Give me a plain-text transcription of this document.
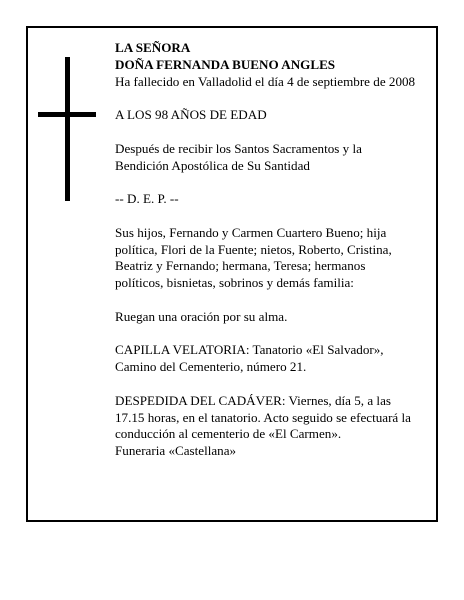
LA SEÑORA

DOÑA FERNANDA BUENO ANGLES

Ha fallecido en Valladolid el día 4 de septiembre de 2008

A LOS 98 AÑOS DE EDAD

Después de recibir los Santos Sacramentos y la Bendición Apostólica de Su Santidad

-- D. E. P. --

Sus hijos, Fernando y Carmen Cuartero Bueno; hija política, Flori de la Fuente; nietos, Roberto, Cristina, Beatriz y Fernando; hermana, Teresa; hermanos políticos, bisnietas, sobrinos y demás familia:

Ruegan una oración por su alma.

CAPILLA VELATORIA: Tanatorio «El Salvador», Camino del Cementerio, número 21.

DESPEDIDA DEL CADÁVER: Viernes, día 5, a las 17.15 horas, en el tanatorio. Acto seguido se efectuará la conducción al cementerio de «El Carmen».

Funeraria «Castellana»
